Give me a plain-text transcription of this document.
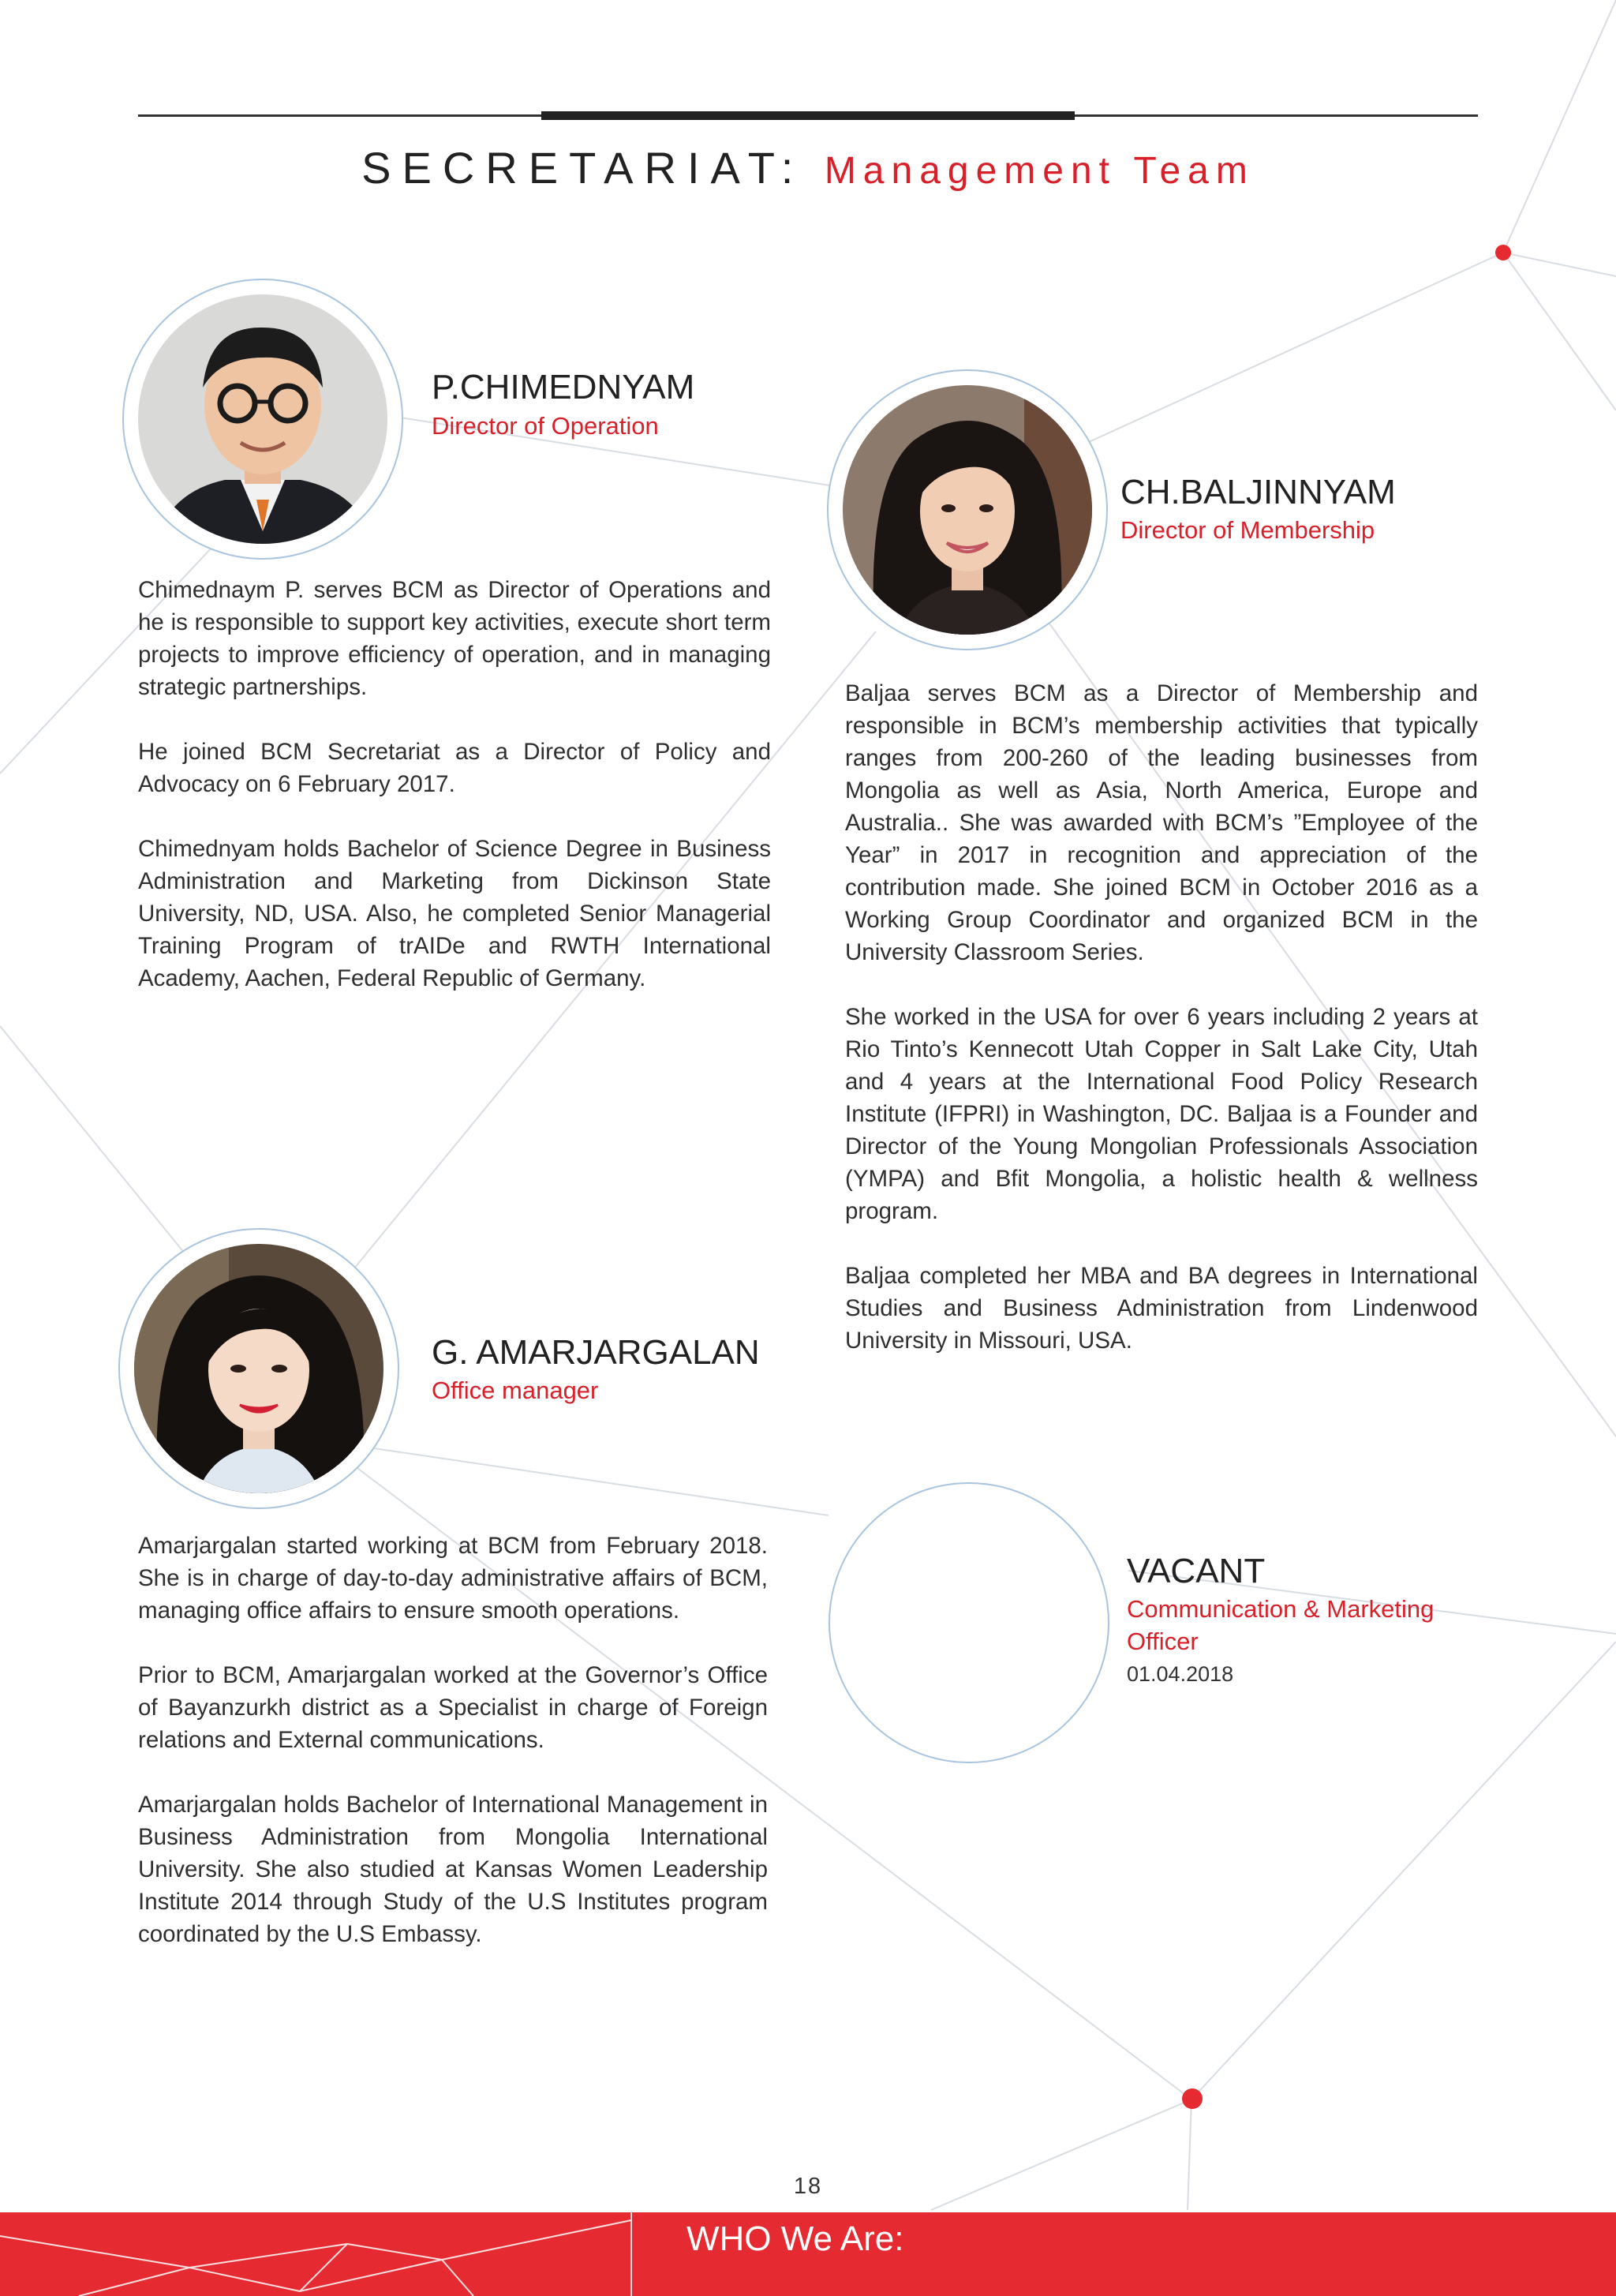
SECRETARIAT: Management Team
P.CHIMEDNYAM
Director of Operation

Chimednaym P. serves BCM as Director of Operations and he is responsible to support key activities, execute short term projects to improve efficiency of operation, and in managing strategic partnerships.

He joined BCM Secretariat as a Director of Policy and Advocacy on 6 February 2017.

Chimednyam holds Bachelor of Science Degree in Business Administration and Marketing from Dickinson State University, ND, USA. Also, he completed Senior Managerial Training Program of trAIDe and RWTH International Academy, Aachen, Federal Republic of Germany.

CH.BALJINNYAM
Director of Membership

Baljaa serves BCM as a Director of Membership and responsible in BCM’s membership activities that typically ranges from 200-260 of the leading businesses from Mongolia as well as Asia, North America, Europe and Australia.. She was awarded with BCM’s ”Employee of the Year” in 2017 in recognition and appreciation of the contribution made. She joined BCM in October 2016 as a Working Group Coordinator and organized BCM in the University Classroom Series.

She worked in the USA for over 6 years including 2 years at Rio Tinto’s Kennecott Utah Copper in Salt Lake City, Utah and 4 years at the International Food Policy Research Institute (IFPRI) in Washington, DC. Baljaa is a Founder and Director of the Young Mongolian Professionals Association (YMPA) and Bfit Mongolia, a holistic health & wellness program.

Baljaa completed her MBA and BA degrees in International Studies and Business Administration from Lindenwood University in Missouri, USA.

G. AMARJARGALAN
Office manager

Amarjargalan started working at BCM from February 2018. She is in charge of day-to-day administrative affairs of BCM, managing office affairs to ensure smooth operations.

Prior to BCM, Amarjargalan worked at the Governor’s Office of Bayanzurkh district as a Specialist in charge of Foreign relations and External communications.

Amarjargalan holds Bachelor of International Management in Business Administration from Mongolia International University. She also studied at Kansas Women Leadership Institute 2014 through Study of the U.S Institutes program coordinated by the U.S Embassy.

VACANT
Communication & Marketing Officer
01.04.2018
18
WHO We Are:
